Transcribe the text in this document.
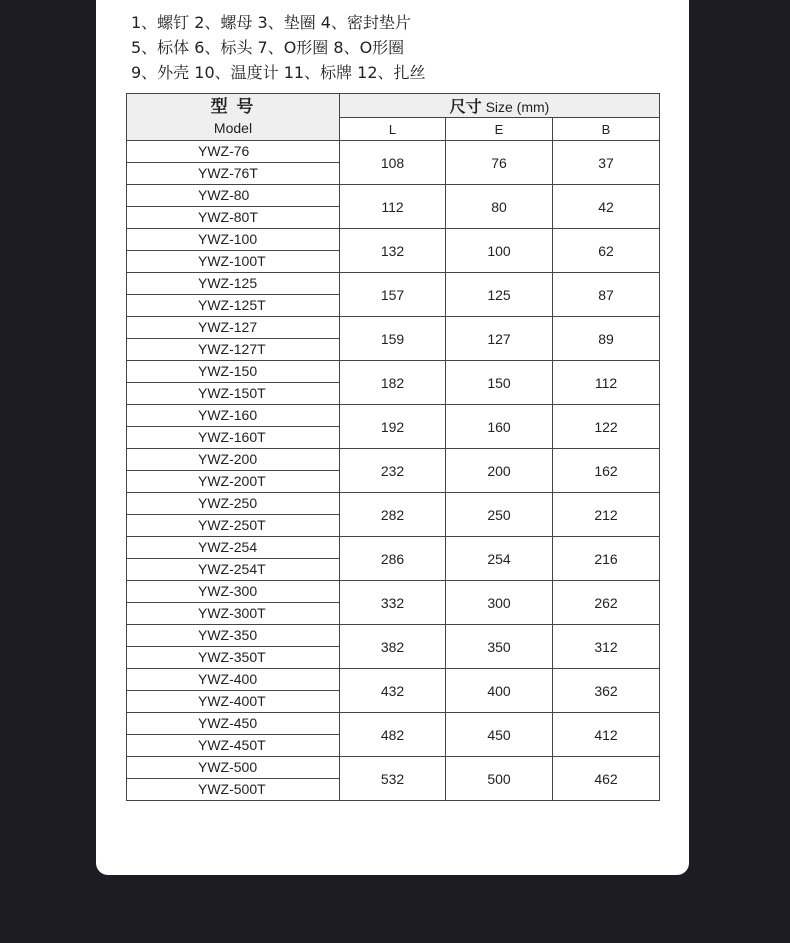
1、螺钉 2、螺母 3、垫圈 4、密封垫片
5、标体 6、标头 7、O形圈 8、O形圈
9、外壳 10、温度计 11、标牌 12、扎丝
型 号
Model	尺寸 Size (mm)		
	L	E	B
YWZ-76	108	76	37
YWZ-76T			
YWZ-80	112	80	42
YWZ-80T			
YWZ-100	132	100	62
YWZ-100T			
YWZ-125	157	125	87
YWZ-125T			
YWZ-127	159	127	89
YWZ-127T			
YWZ-150	182	150	112
YWZ-150T			
YWZ-160	192	160	122
YWZ-160T			
YWZ-200	232	200	162
YWZ-200T			
YWZ-250	282	250	212
YWZ-250T			
YWZ-254	286	254	216
YWZ-254T			
YWZ-300	332	300	262
YWZ-300T			
YWZ-350	382	350	312
YWZ-350T			
YWZ-400	432	400	362
YWZ-400T			
YWZ-450	482	450	412
YWZ-450T			
YWZ-500	532	500	462
YWZ-500T			
